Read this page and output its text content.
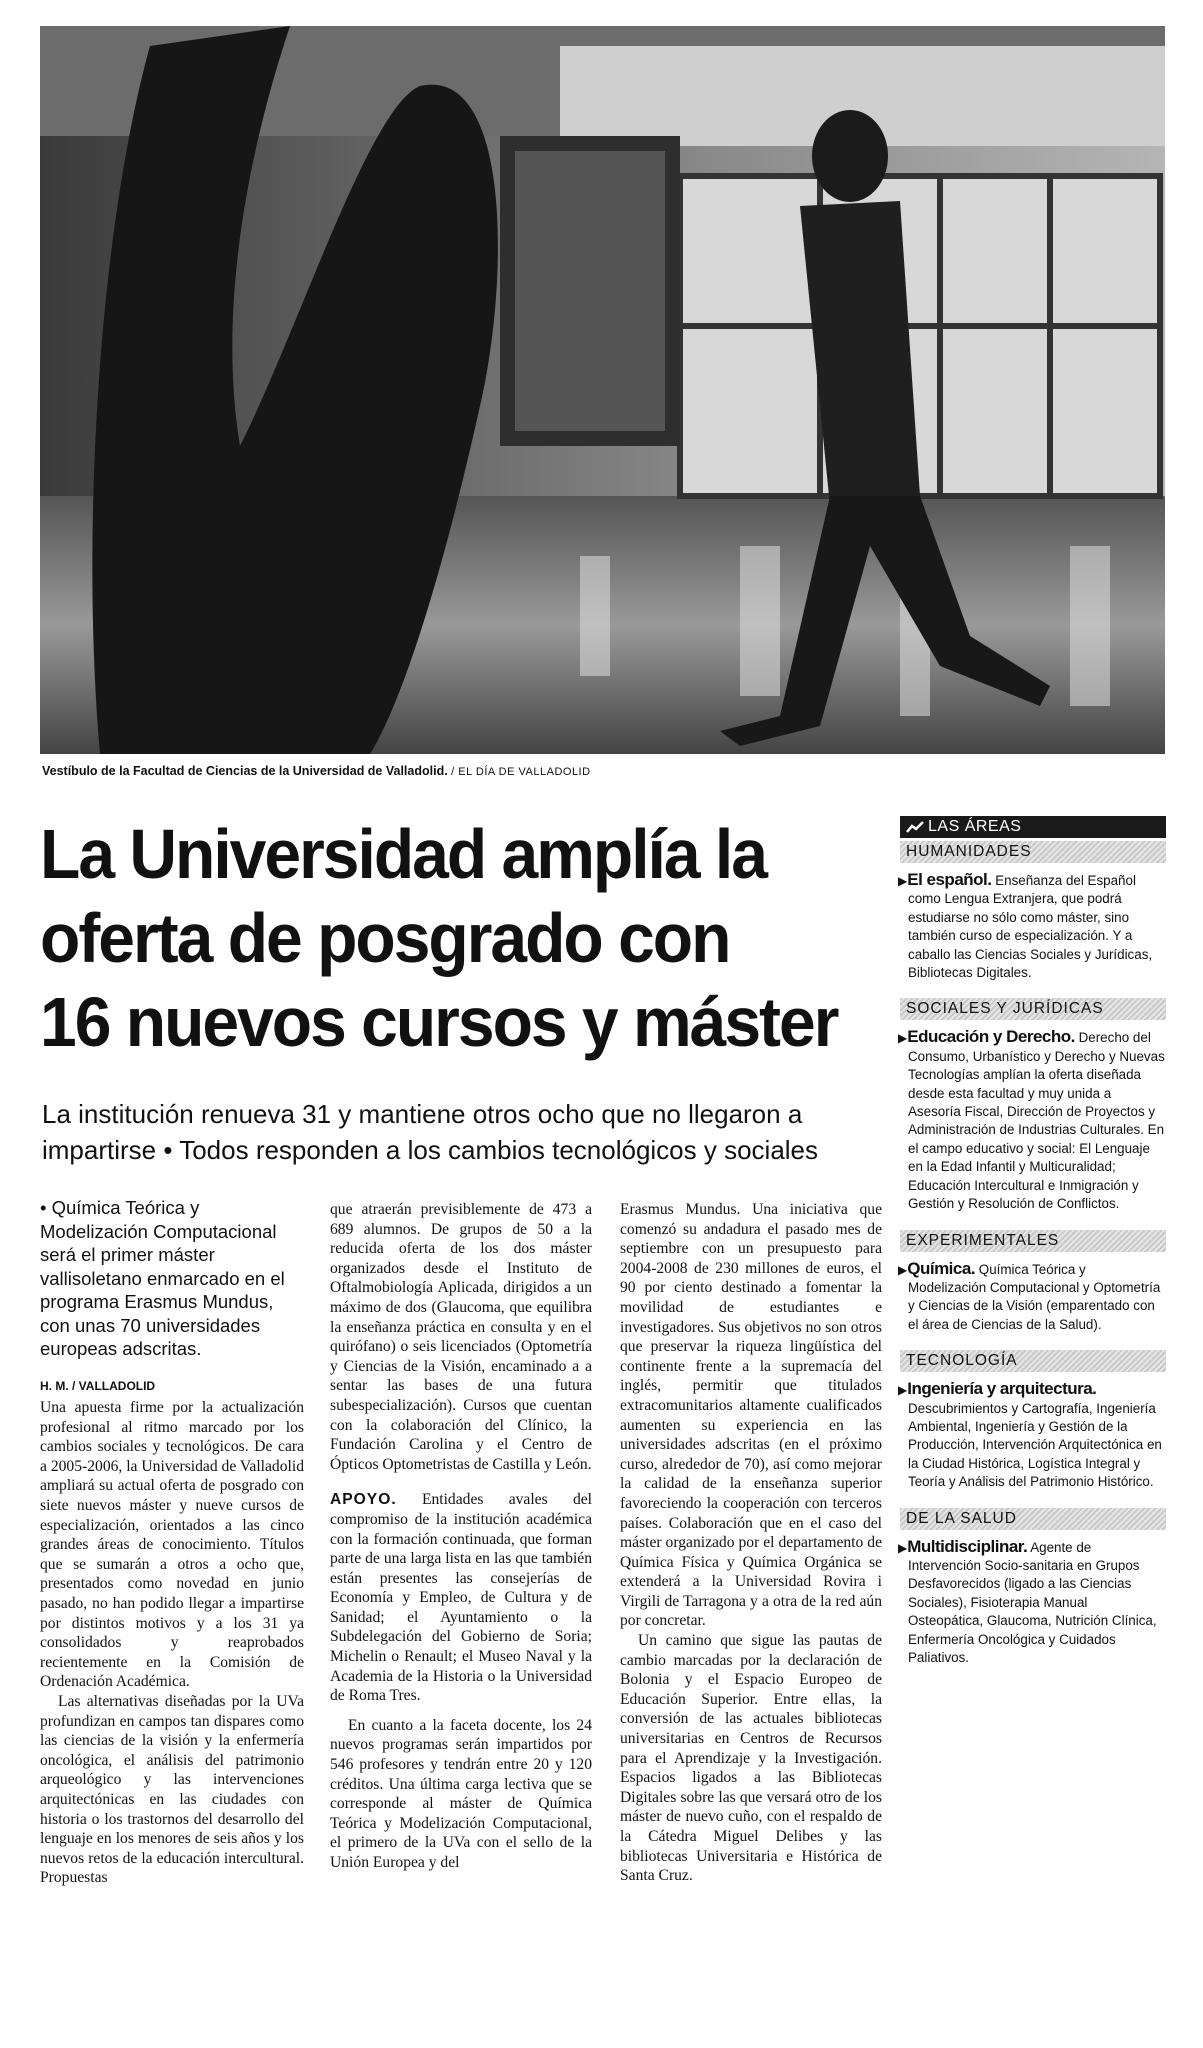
Vestíbulo de la Facultad de Ciencias de la Universidad de Valladolid. / EL DÍA DE VALLADOLID
La Universidad amplía la
oferta de posgrado con
16 nuevos cursos y máster
La institución renueva 31 y mantiene otros ocho que no llegaron a impartirse • Todos responden a los cambios tecnológicos y sociales
• Química Teórica y Modelización Computacional será el primer máster vallisoletano enmarcado en el programa Erasmus Mundus, con unas 70 universidades europeas adscritas.
H. M. / VALLADOLID

Una apuesta firme por la actualización profesional al ritmo marcado por los cambios sociales y tecnológicos. De cara a 2005-2006, la Universidad de Valladolid ampliará su actual oferta de posgrado con siete nuevos máster y nueve cursos de especialización, orientados a las cinco grandes áreas de conocimiento. Títulos que se sumarán a otros a ocho que, presentados como novedad en junio pasado, no han podido llegar a impartirse por distintos motivos y a los 31 ya consolidados y reaprobados recientemente en la Comisión de Ordenación Académica.

Las alternativas diseñadas por la UVa profundizan en campos tan dispares como las ciencias de la visión y la enfermería oncológica, el análisis del patrimonio arqueológico y las intervenciones arquitectónicas en las ciudades con historia o los trastornos del desarrollo del lenguaje en los menores de seis años y los nuevos retos de la educación intercultural. Propuestas

que atraerán previsiblemente de 473 a 689 alumnos. De grupos de 50 a la reducida oferta de los dos máster organizados desde el Instituto de Oftalmobiología Aplicada, dirigidos a un máximo de dos (Glaucoma, que equilibra la enseñanza práctica en consulta y en el quirófano) o seis licenciados (Optometría y Ciencias de la Visión, encaminado a a sentar las bases de una futura subespecialización). Cursos que cuentan con la colaboración del Clínico, la Fundación Carolina y el Centro de Ópticos Optometristas de Castilla y León.

APOYO. Entidades avales del compromiso de la institución académica con la formación continuada, que forman parte de una larga lista en las que también están presentes las consejerías de Economía y Empleo, de Cultura y de Sanidad; el Ayuntamiento o la Subdelegación del Gobierno de Soria; Michelin o Renault; el Museo Naval y la Academia de la Historia o la Universidad de Roma Tres.

En cuanto a la faceta docente, los 24 nuevos programas serán impartidos por 546 profesores y tendrán entre 20 y 120 créditos. Una última carga lectiva que se corresponde al máster de Química Teórica y Modelización Computacional, el primero de la UVa con el sello de la Unión Europea y del

Erasmus Mundus. Una iniciativa que comenzó su andadura el pasado mes de septiembre con un presupuesto para 2004-2008 de 230 millones de euros, el 90 por ciento destinado a fomentar la movilidad de estudiantes e investigadores. Sus objetivos no son otros que preservar la riqueza lingüística del continente frente a la supremacía del inglés, permitir que titulados extracomunitarios altamente cualificados aumenten su experiencia en las universidades adscritas (en el próximo curso, alrededor de 70), así como mejorar la calidad de la enseñanza superior favoreciendo la cooperación con terceros países. Colaboración que en el caso del máster organizado por el departamento de Química Física y Química Orgánica se extenderá a la Universidad Rovira i Virgili de Tarragona y a otra de la red aún por concretar.

Un camino que sigue las pautas de cambio marcadas por la declaración de Bolonia y el Espacio Europeo de Educación Superior. Entre ellas, la conversión de las actuales bibliotecas universitarias en Centros de Recursos para el Aprendizaje y la Investigación. Espacios ligados a las Bibliotecas Digitales sobre las que versará otro de los máster de nuevo cuño, con el respaldo de la Cátedra Miguel Delibes y las bibliotecas Universitaria e Histórica de Santa Cruz.

LAS ÁREAS
HUMANIDADES
▶El español. Enseñanza del Español como Lengua Extranjera, que podrá estudiarse no sólo como máster, sino también curso de especialización. Y a caballo las Ciencias Sociales y Jurídicas, Bibliotecas Digitales.
SOCIALES Y JURÍDICAS
▶Educación y Derecho. Derecho del Consumo, Urbanístico y Derecho y Nuevas Tecnologías amplían la oferta diseñada desde esta facultad y muy unida a Asesoría Fiscal, Dirección de Proyectos y Administración de Industrias Culturales. En el campo educativo y social: El Lenguaje en la Edad Infantil y Multicuralidad; Educación Intercultural e Inmigración y Gestión y Resolución de Conflictos.
EXPERIMENTALES
▶Química. Química Teórica y Modelización Computacional y Optometría y Ciencias de la Visión (emparentado con el área de Ciencias de la Salud).
TECNOLOGÍA
▶Ingeniería y arquitectura. Descubrimientos y Cartografía, Ingeniería Ambiental, Ingeniería y Gestión de la Producción, Intervención Arquitectónica en la Ciudad Histórica, Logística Integral y Teoría y Análisis del Patrimonio Histórico.
DE LA SALUD
▶Multidisciplinar. Agente de Intervención Socio-sanitaria en Grupos Desfavorecidos (ligado a las Ciencias Sociales), Fisioterapia Manual Osteopática, Glaucoma, Nutrición Clínica, Enfermería Oncológica y Cuidados Paliativos.
